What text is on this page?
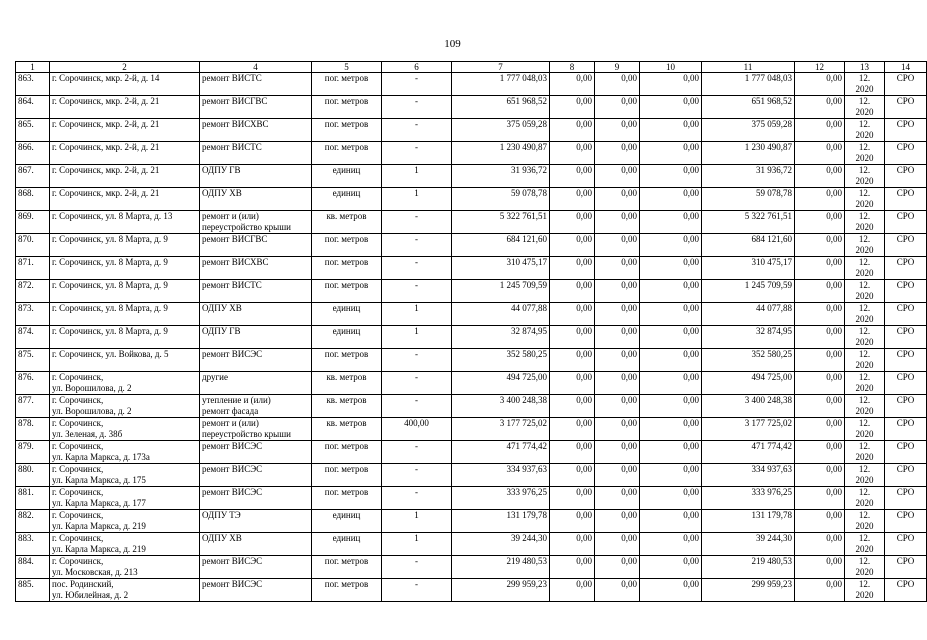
109
1	2	4	5	6	7	8	9	10	11	12	13	14
863.	г. Сорочинск, мкр. 2-й, д. 14	ремонт ВИСТС	пог. метров	-	1 777 048,03	0,00	0,00	0,00	1 777 048,03	0,00	12.
2020	СРО
864.	г. Сорочинск, мкр. 2-й, д. 21	ремонт ВИСГВС	пог. метров	-	651 968,52	0,00	0,00	0,00	651 968,52	0,00	12.
2020	СРО
865.	г. Сорочинск, мкр. 2-й, д. 21	ремонт ВИСХВС	пог. метров	-	375 059,28	0,00	0,00	0,00	375 059,28	0,00	12.
2020	СРО
866.	г. Сорочинск, мкр. 2-й, д. 21	ремонт ВИСТС	пог. метров	-	1 230 490,87	0,00	0,00	0,00	1 230 490,87	0,00	12.
2020	СРО
867.	г. Сорочинск, мкр. 2-й, д. 21	ОДПУ ГВ	единиц	1	31 936,72	0,00	0,00	0,00	31 936,72	0,00	12.
2020	СРО
868.	г. Сорочинск, мкр. 2-й, д. 21	ОДПУ ХВ	единиц	1	59 078,78	0,00	0,00	0,00	59 078,78	0,00	12.
2020	СРО
869.	г. Сорочинск, ул. 8 Марта, д. 13	ремонт и (или)
переустройство крыши	кв. метров	-	5 322 761,51	0,00	0,00	0,00	5 322 761,51	0,00	12.
2020	СРО
870.	г. Сорочинск, ул. 8 Марта, д. 9	ремонт ВИСГВС	пог. метров	-	684 121,60	0,00	0,00	0,00	684 121,60	0,00	12.
2020	СРО
871.	г. Сорочинск, ул. 8 Марта, д. 9	ремонт ВИСХВС	пог. метров	-	310 475,17	0,00	0,00	0,00	310 475,17	0,00	12.
2020	СРО
872.	г. Сорочинск, ул. 8 Марта, д. 9	ремонт ВИСТС	пог. метров	-	1 245 709,59	0,00	0,00	0,00	1 245 709,59	0,00	12.
2020	СРО
873.	г. Сорочинск, ул. 8 Марта, д. 9	ОДПУ ХВ	единиц	1	44 077,88	0,00	0,00	0,00	44 077,88	0,00	12.
2020	СРО
874.	г. Сорочинск, ул. 8 Марта, д. 9	ОДПУ ГВ	единиц	1	32 874,95	0,00	0,00	0,00	32 874,95	0,00	12.
2020	СРО
875.	г. Сорочинск, ул. Войкова, д. 5	ремонт ВИСЭС	пог. метров	-	352 580,25	0,00	0,00	0,00	352 580,25	0,00	12.
2020	СРО
876.	г. Сорочинск,
ул. Ворошилова, д. 2	другие	кв. метров	-	494 725,00	0,00	0,00	0,00	494 725,00	0,00	12.
2020	СРО
877.	г. Сорочинск,
ул. Ворошилова, д. 2	утепление и (или)
ремонт фасада	кв. метров	-	3 400 248,38	0,00	0,00	0,00	3 400 248,38	0,00	12.
2020	СРО
878.	г. Сорочинск,
ул. Зеленая, д. 38б	ремонт и (или)
переустройство крыши	кв. метров	400,00	3 177 725,02	0,00	0,00	0,00	3 177 725,02	0,00	12.
2020	СРО
879.	г. Сорочинск,
ул. Карла Маркса, д. 173а	ремонт ВИСЭС	пог. метров	-	471 774,42	0,00	0,00	0,00	471 774,42	0,00	12.
2020	СРО
880.	г. Сорочинск,
ул. Карла Маркса, д. 175	ремонт ВИСЭС	пог. метров	-	334 937,63	0,00	0,00	0,00	334 937,63	0,00	12.
2020	СРО
881.	г. Сорочинск,
ул. Карла Маркса, д. 177	ремонт ВИСЭС	пог. метров	-	333 976,25	0,00	0,00	0,00	333 976,25	0,00	12.
2020	СРО
882.	г. Сорочинск,
ул. Карла Маркса, д. 219	ОДПУ ТЭ	единиц	1	131 179,78	0,00	0,00	0,00	131 179,78	0,00	12.
2020	СРО
883.	г. Сорочинск,
ул. Карла Маркса, д. 219	ОДПУ ХВ	единиц	1	39 244,30	0,00	0,00	0,00	39 244,30	0,00	12.
2020	СРО
884.	г. Сорочинск,
ул. Московская, д. 213	ремонт ВИСЭС	пог. метров	-	219 480,53	0,00	0,00	0,00	219 480,53	0,00	12.
2020	СРО
885.	пос. Родинский,
ул. Юбилейная, д. 2	ремонт ВИСЭС	пог. метров	-	299 959,23	0,00	0,00	0,00	299 959,23	0,00	12.
2020	СРО
